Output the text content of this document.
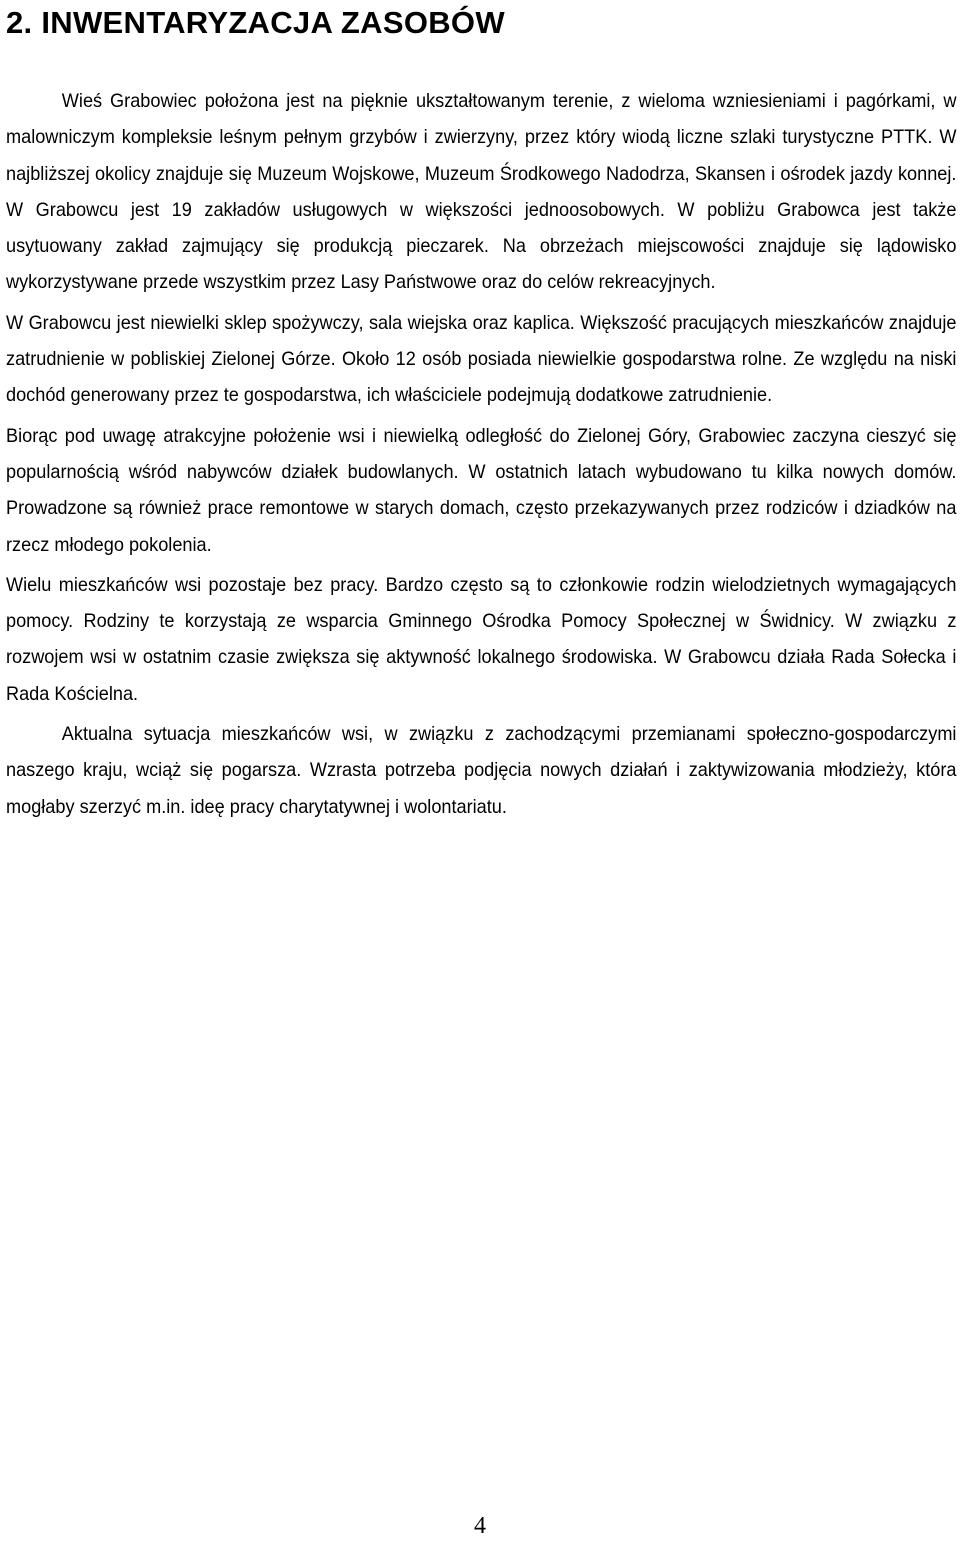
2. INWENTARYZACJA ZASOBÓW

Wieś Grabowiec położona jest na pięknie ukształtowanym terenie, z wieloma wzniesieniami i pagórkami, w malowniczym kompleksie leśnym pełnym grzybów i zwierzyny, przez który wiodą liczne szlaki turystyczne PTTK. W najbliższej okolicy znajduje się Muzeum Wojskowe, Muzeum Środkowego Nadodrza, Skansen i ośrodek jazdy konnej. W Grabowcu jest 19 zakładów usługowych w większości jednoosobowych. W pobliżu Grabowca jest także usytuowany zakład zajmujący się produkcją pieczarek. Na obrzeżach miejscowości znajduje się lądowisko wykorzystywane przede wszystkim przez Lasy Państwowe oraz do celów rekreacyjnych.

W Grabowcu jest niewielki sklep spożywczy, sala wiejska oraz kaplica. Większość pracujących mieszkańców znajduje zatrudnienie w pobliskiej Zielonej Górze. Około 12 osób posiada niewielkie gospodarstwa rolne. Ze względu na niski dochód generowany przez te gospodarstwa, ich właściciele podejmują dodatkowe zatrudnienie.

Biorąc pod uwagę atrakcyjne położenie wsi i niewielką odległość do Zielonej Góry, Grabowiec zaczyna cieszyć się popularnością wśród nabywców działek budowlanych. W ostatnich latach wybudowano tu kilka nowych domów. Prowadzone są również prace remontowe w starych domach, często przekazywanych przez rodziców i dziadków na rzecz młodego pokolenia.

Wielu mieszkańców wsi pozostaje bez pracy. Bardzo często są to członkowie rodzin wielodzietnych wymagających pomocy. Rodziny te korzystają ze wsparcia Gminnego Ośrodka Pomocy Społecznej w Świdnicy. W związku z rozwojem wsi w ostatnim czasie zwiększa się aktywność lokalnego środowiska. W Grabowcu działa Rada Sołecka i Rada Kościelna.

Aktualna sytuacja mieszkańców wsi, w związku z zachodzącymi przemianami społeczno-gospodarczymi naszego kraju, wciąż się pogarsza. Wzrasta potrzeba podjęcia nowych działań i zaktywizowania młodzieży, która mogłaby szerzyć m.in. ideę pracy charytatywnej i wolontariatu.

4
